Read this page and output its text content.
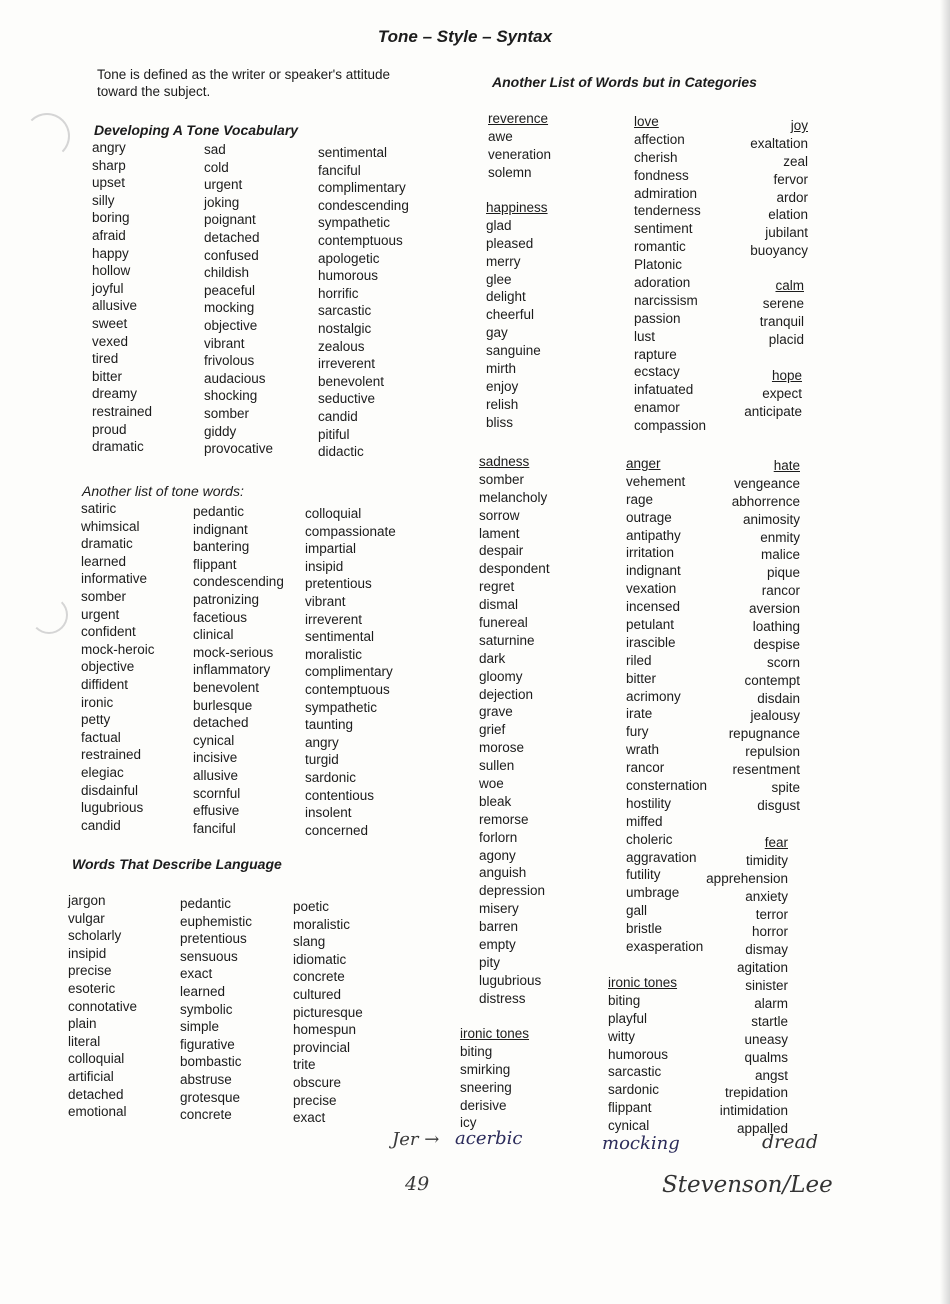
Tone – Style – Syntax
Tone is defined as the writer or speaker's attitude toward the subject.
Developing A Tone Vocabulary
angry
sharp
upset
silly
boring
afraid
happy
hollow
joyful
allusive
sweet
vexed
tired
bitter
dreamy
restrained
proud
dramatic
sad
cold
urgent
joking
poignant
detached
confused
childish
peaceful
mocking
objective
vibrant
frivolous
audacious
shocking
somber
giddy
provocative
sentimental
fanciful
complimentary
condescending
sympathetic
contemptuous
apologetic
humorous
horrific
sarcastic
nostalgic
zealous
irreverent
benevolent
seductive
candid
pitiful
didactic
Another list of tone words:
satiric
whimsical
dramatic
learned
informative
somber
urgent
confident
mock-heroic
objective
diffident
ironic
petty
factual
restrained
elegiac
disdainful
lugubrious
candid
pedantic
indignant
bantering
flippant
condescending
patronizing
facetious
clinical
mock-serious
inflammatory
benevolent
burlesque
detached
cynical
incisive
allusive
scornful
effusive
fanciful
colloquial
compassionate
impartial
insipid
pretentious
vibrant
irreverent
sentimental
moralistic
complimentary
contemptuous
sympathetic
taunting
angry
turgid
sardonic
contentious
insolent
concerned
Words That Describe Language
jargon
vulgar
scholarly
insipid
precise
esoteric
connotative
plain
literal
colloquial
artificial
detached
emotional
pedantic
euphemistic
pretentious
sensuous
exact
learned
symbolic
simple
figurative
bombastic
abstruse
grotesque
concrete
poetic
moralistic
slang
idiomatic
concrete
cultured
picturesque
homespun
provincial
trite
obscure
precise
exact
Another List of Words but in Categories
reverence
awe
veneration
solemn
happiness
glad
pleased
merry
glee
delight
cheerful
gay
sanguine
mirth
enjoy
relish
bliss
sadness
somber
melancholy
sorrow
lament
despair
despondent
regret
dismal
funereal
saturnine
dark
gloomy
dejection
grave
grief
morose
sullen
woe
bleak
remorse
forlorn
agony
anguish
depression
misery
barren
empty
pity
lugubrious
distress
ironic tones
biting
smirking
sneering
derisive
icy
love
affection
cherish
fondness
admiration
tenderness
sentiment
romantic
Platonic
adoration
narcissism
passion
lust
rapture
ecstacy
infatuated
enamor
compassion
joy
exaltation
zeal
fervor
ardor
elation
jubilant
buoyancy
calm
serene
tranquil
placid
hope
expect
anticipate
anger
vehement
rage
outrage
antipathy
irritation
indignant
vexation
incensed
petulant
irascible
riled
bitter
acrimony
irate
fury
wrath
rancor
consternation
hostility
miffed
choleric
aggravation
futility
umbrage
gall
bristle
exasperation
hate
vengeance
abhorrence
animosity
enmity
malice
pique
rancor
aversion
loathing
despise
scorn
contempt
disdain
jealousy
repugnance
repulsion
resentment
spite
disgust
fear
timidity
apprehension
anxiety
terror
horror
dismay
agitation
sinister
alarm
startle
uneasy
qualms
angst
trepidation
intimidation
appalled
ironic tones
biting
playful
witty
humorous
sarcastic
sardonic
flippant
cynical
Jer → acerbic	mocking	dread
49	Stevenson/Lee
